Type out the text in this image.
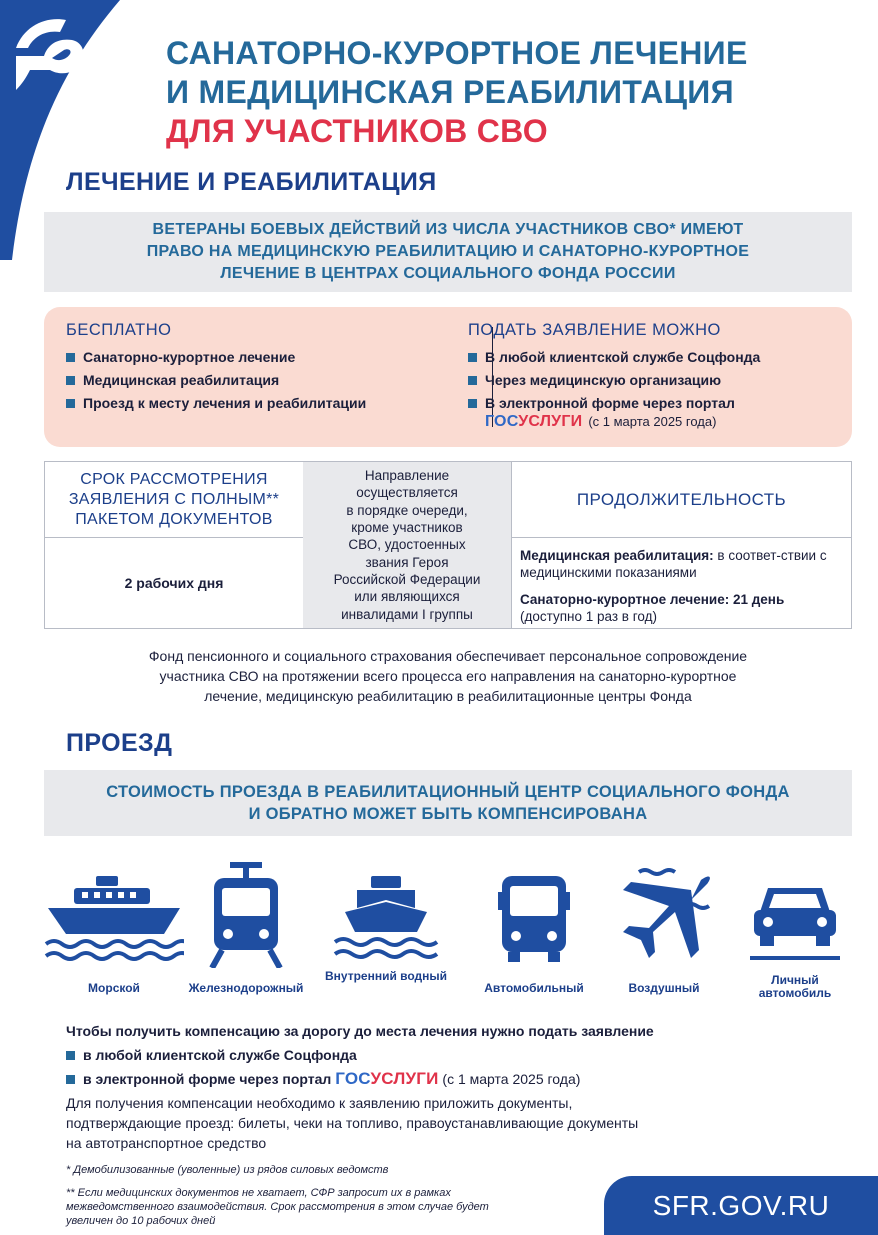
САНАТОРНО-КУРОРТНОЕ ЛЕЧЕНИЕ
И МЕДИЦИНСКАЯ РЕАБИЛИТАЦИЯ
ДЛЯ УЧАСТНИКОВ СВО
ЛЕЧЕНИЕ И РЕАБИЛИТАЦИЯ
ВЕТЕРАНЫ БОЕВЫХ ДЕЙСТВИЙ ИЗ ЧИСЛА УЧАСТНИКОВ СВО* ИМЕЮТ
ПРАВО НА МЕДИЦИНСКУЮ РЕАБИЛИТАЦИЮ И САНАТОРНО-КУРОРТНОЕ
ЛЕЧЕНИЕ В ЦЕНТРАХ СОЦИАЛЬНОГО ФОНДА РОССИИ
БЕСПЛАТНО
Санаторно-курортное лечение
Медицинская реабилитация
Проезд к месту лечения и реабилитации
ПОДАТЬ ЗАЯВЛЕНИЕ МОЖНО
В любой клиентской службе Соцфонда
Через медицинскую организацию
В электронной форме через портал
ГОСУСЛУГИ (с 1 марта 2025 года)
СРОК РАССМОТРЕНИЯ
ЗАЯВЛЕНИЯ С ПОЛНЫМ**
ПАКЕТОМ ДОКУМЕНТОВ
2 рабочих дня
Направление
осуществляется
в порядке очереди,
кроме участников
СВО, удостоенных
звания Героя
Российской Федерации
или являющихся
инвалидами I группы
ПРОДОЛЖИТЕЛЬНОСТЬ

Медицинская реабилитация: в соответ-ствии с медицинскими показаниями

Санаторно-курортное лечение: 21 день
(доступно 1 раз в год)

Фонд пенсионного и социального страхования обеспечивает персональное сопровождение
участника СВО на протяжении всего процесса его направления на санаторно-курортное
лечение, медицинскую реабилитацию в реабилитационные центры Фонда
ПРОЕЗД
СТОИМОСТЬ ПРОЕЗДА В РЕАБИЛИТАЦИОННЫЙ ЦЕНТР СОЦИАЛЬНОГО ФОНДА
И ОБРАТНО МОЖЕТ БЫТЬ КОМПЕНСИРОВАНА
Морской	Железнодорожный
Внутренний водный
Автомобильный	Воздушный
Личный автомобиль
Чтобы получить компенсацию за дорогу до места лечения нужно подать заявление
в любой клиентской службе Соцфонда
в электронной форме через портал
ГОСУСЛУГИ
(с 1 марта 2025 года)
Для получения компенсации необходимо к заявлению приложить документы,
подтверждающие проезд: билеты, чеки на топливо, правоустанавливающие документы
на автотранспортное средство
* Демобилизованные (уволенные) из рядов силовых ведомств
** Если медицинских документов не хватает, СФР запросит их в рамках
межведомственного взаимодействия. Срок рассмотрения в этом случае будет
увеличен до 10 рабочих дней
SFR.GOV.RU
